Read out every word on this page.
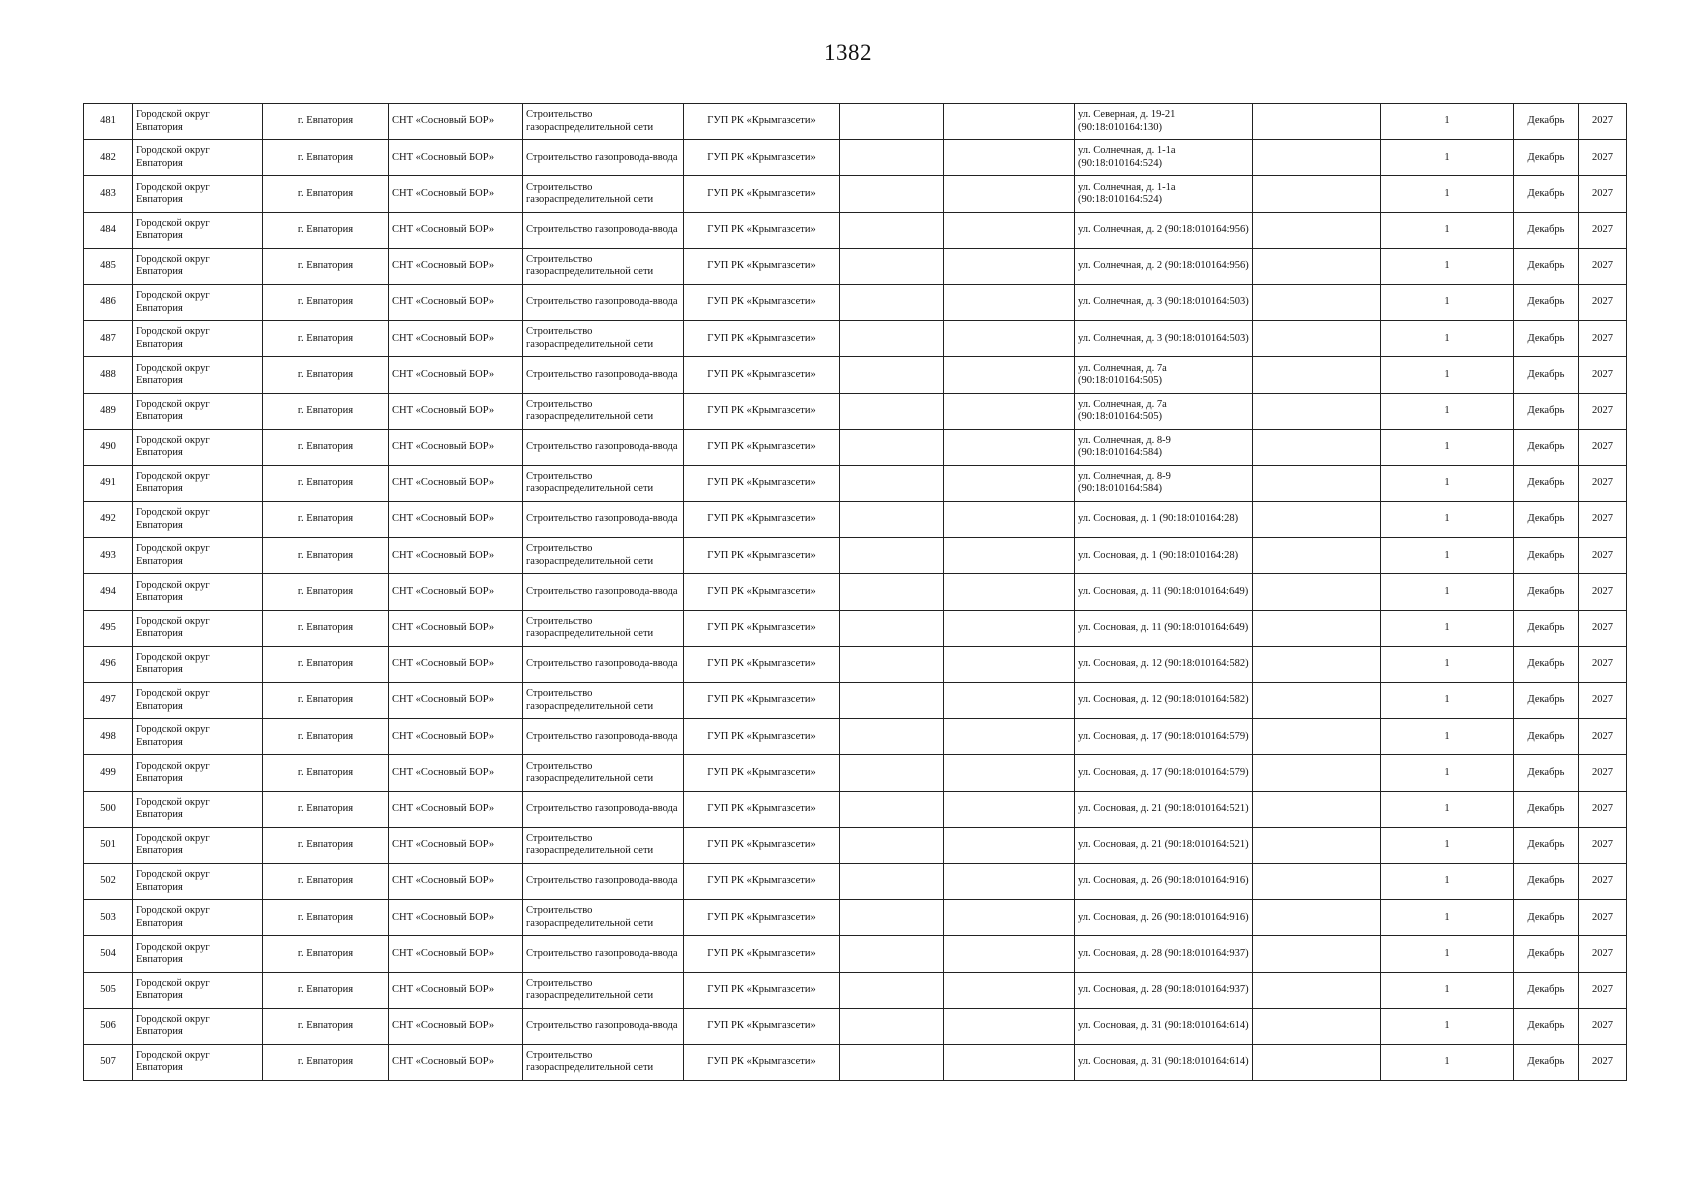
1382
481	Городской округ Евпатория	г. Евпатория	СНТ «Сосновый БОР»	Строительство газораспределительной сети	ГУП РК «Крымгазсети»			ул. Северная, д. 19-21 (90:18:010164:130)		1	Декабрь	2027
482	Городской округ Евпатория	г. Евпатория	СНТ «Сосновый БОР»	Строительство газопровода-ввода	ГУП РК «Крымгазсети»			ул. Солнечная, д. 1-1а (90:18:010164:524)		1	Декабрь	2027
483	Городской округ Евпатория	г. Евпатория	СНТ «Сосновый БОР»	Строительство газораспределительной сети	ГУП РК «Крымгазсети»			ул. Солнечная, д. 1-1а (90:18:010164:524)		1	Декабрь	2027
484	Городской округ Евпатория	г. Евпатория	СНТ «Сосновый БОР»	Строительство газопровода-ввода	ГУП РК «Крымгазсети»			ул. Солнечная, д. 2 (90:18:010164:956)		1	Декабрь	2027
485	Городской округ Евпатория	г. Евпатория	СНТ «Сосновый БОР»	Строительство газораспределительной сети	ГУП РК «Крымгазсети»			ул. Солнечная, д. 2 (90:18:010164:956)		1	Декабрь	2027
486	Городской округ Евпатория	г. Евпатория	СНТ «Сосновый БОР»	Строительство газопровода-ввода	ГУП РК «Крымгазсети»			ул. Солнечная, д. 3 (90:18:010164:503)		1	Декабрь	2027
487	Городской округ Евпатория	г. Евпатория	СНТ «Сосновый БОР»	Строительство газораспределительной сети	ГУП РК «Крымгазсети»			ул. Солнечная, д. 3 (90:18:010164:503)		1	Декабрь	2027
488	Городской округ Евпатория	г. Евпатория	СНТ «Сосновый БОР»	Строительство газопровода-ввода	ГУП РК «Крымгазсети»			ул. Солнечная, д. 7а (90:18:010164:505)		1	Декабрь	2027
489	Городской округ Евпатория	г. Евпатория	СНТ «Сосновый БОР»	Строительство газораспределительной сети	ГУП РК «Крымгазсети»			ул. Солнечная, д. 7а (90:18:010164:505)		1	Декабрь	2027
490	Городской округ Евпатория	г. Евпатория	СНТ «Сосновый БОР»	Строительство газопровода-ввода	ГУП РК «Крымгазсети»			ул. Солнечная, д. 8-9 (90:18:010164:584)		1	Декабрь	2027
491	Городской округ Евпатория	г. Евпатория	СНТ «Сосновый БОР»	Строительство газораспределительной сети	ГУП РК «Крымгазсети»			ул. Солнечная, д. 8-9 (90:18:010164:584)		1	Декабрь	2027
492	Городской округ Евпатория	г. Евпатория	СНТ «Сосновый БОР»	Строительство газопровода-ввода	ГУП РК «Крымгазсети»			ул. Сосновая, д. 1 (90:18:010164:28)		1	Декабрь	2027
493	Городской округ Евпатория	г. Евпатория	СНТ «Сосновый БОР»	Строительство газораспределительной сети	ГУП РК «Крымгазсети»			ул. Сосновая, д. 1 (90:18:010164:28)		1	Декабрь	2027
494	Городской округ Евпатория	г. Евпатория	СНТ «Сосновый БОР»	Строительство газопровода-ввода	ГУП РК «Крымгазсети»			ул. Сосновая, д. 11 (90:18:010164:649)		1	Декабрь	2027
495	Городской округ Евпатория	г. Евпатория	СНТ «Сосновый БОР»	Строительство газораспределительной сети	ГУП РК «Крымгазсети»			ул. Сосновая, д. 11 (90:18:010164:649)		1	Декабрь	2027
496	Городской округ Евпатория	г. Евпатория	СНТ «Сосновый БОР»	Строительство газопровода-ввода	ГУП РК «Крымгазсети»			ул. Сосновая, д. 12 (90:18:010164:582)		1	Декабрь	2027
497	Городской округ Евпатория	г. Евпатория	СНТ «Сосновый БОР»	Строительство газораспределительной сети	ГУП РК «Крымгазсети»			ул. Сосновая, д. 12 (90:18:010164:582)		1	Декабрь	2027
498	Городской округ Евпатория	г. Евпатория	СНТ «Сосновый БОР»	Строительство газопровода-ввода	ГУП РК «Крымгазсети»			ул. Сосновая, д. 17 (90:18:010164:579)		1	Декабрь	2027
499	Городской округ Евпатория	г. Евпатория	СНТ «Сосновый БОР»	Строительство газораспределительной сети	ГУП РК «Крымгазсети»			ул. Сосновая, д. 17 (90:18:010164:579)		1	Декабрь	2027
500	Городской округ Евпатория	г. Евпатория	СНТ «Сосновый БОР»	Строительство газопровода-ввода	ГУП РК «Крымгазсети»			ул. Сосновая, д. 21 (90:18:010164:521)		1	Декабрь	2027
501	Городской округ Евпатория	г. Евпатория	СНТ «Сосновый БОР»	Строительство газораспределительной сети	ГУП РК «Крымгазсети»			ул. Сосновая, д. 21 (90:18:010164:521)		1	Декабрь	2027
502	Городской округ Евпатория	г. Евпатория	СНТ «Сосновый БОР»	Строительство газопровода-ввода	ГУП РК «Крымгазсети»			ул. Сосновая, д. 26 (90:18:010164:916)		1	Декабрь	2027
503	Городской округ Евпатория	г. Евпатория	СНТ «Сосновый БОР»	Строительство газораспределительной сети	ГУП РК «Крымгазсети»			ул. Сосновая, д. 26 (90:18:010164:916)		1	Декабрь	2027
504	Городской округ Евпатория	г. Евпатория	СНТ «Сосновый БОР»	Строительство газопровода-ввода	ГУП РК «Крымгазсети»			ул. Сосновая, д. 28 (90:18:010164:937)		1	Декабрь	2027
505	Городской округ Евпатория	г. Евпатория	СНТ «Сосновый БОР»	Строительство газораспределительной сети	ГУП РК «Крымгазсети»			ул. Сосновая, д. 28 (90:18:010164:937)		1	Декабрь	2027
506	Городской округ Евпатория	г. Евпатория	СНТ «Сосновый БОР»	Строительство газопровода-ввода	ГУП РК «Крымгазсети»			ул. Сосновая, д. 31 (90:18:010164:614)		1	Декабрь	2027
507	Городской округ Евпатория	г. Евпатория	СНТ «Сосновый БОР»	Строительство газораспределительной сети	ГУП РК «Крымгазсети»			ул. Сосновая, д. 31 (90:18:010164:614)		1	Декабрь	2027
